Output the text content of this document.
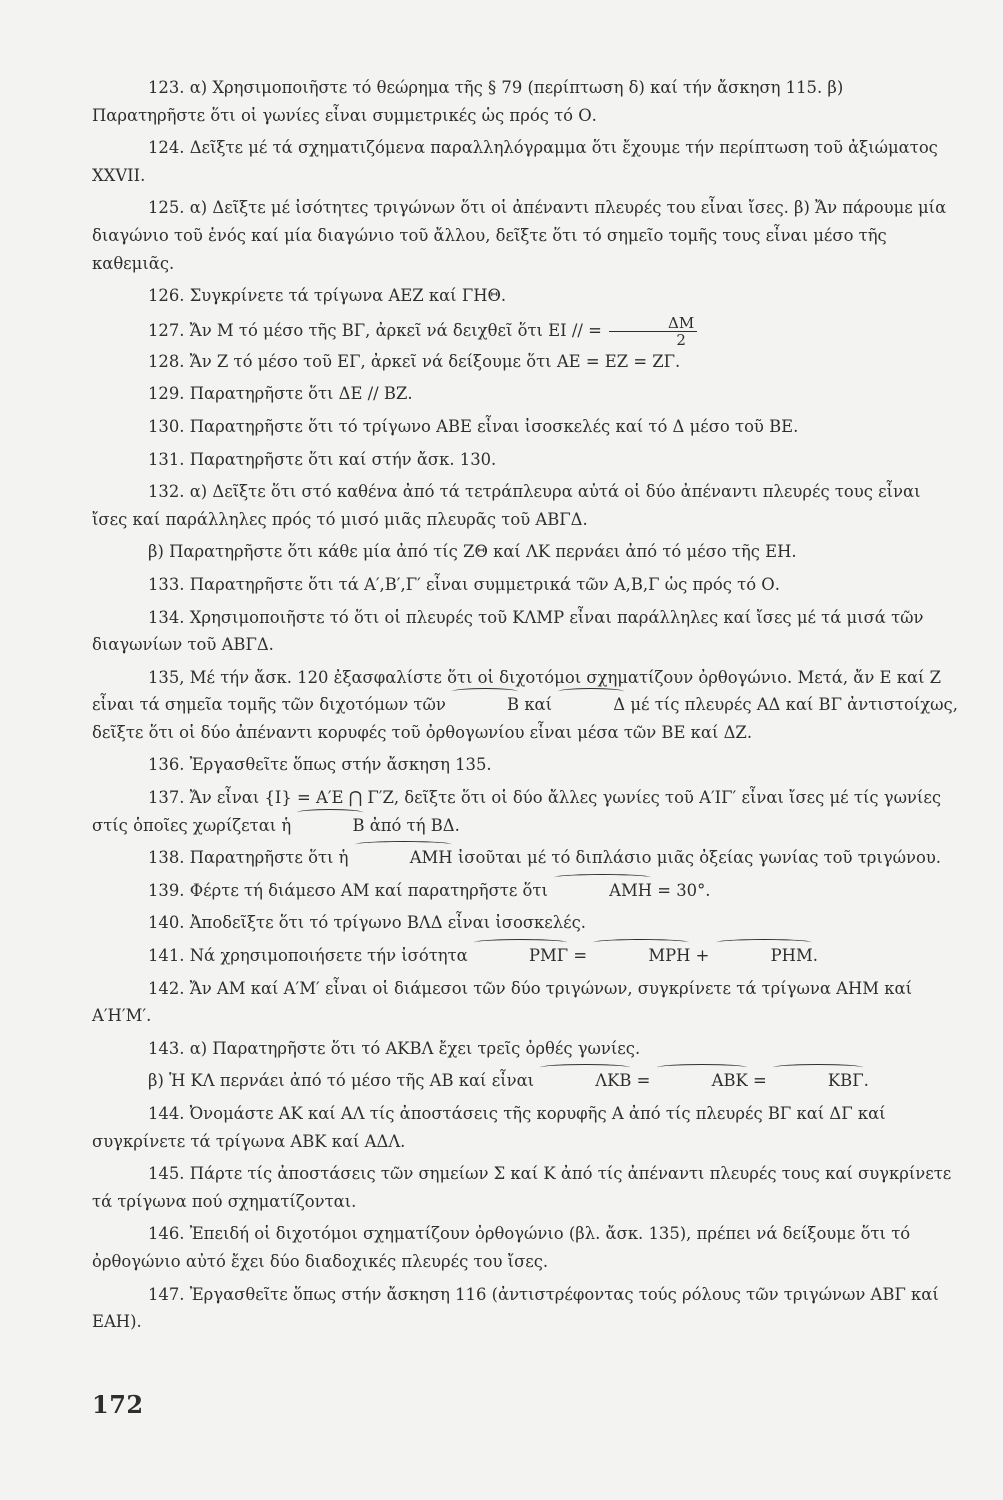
123. α) Χρησιμοποιῆστε τό θεώρημα τῆς § 79 (περίπτωση δ) καί τήν ἄσκηση 115. β) Παρατηρῆστε ὅτι οἱ γωνίες εἶναι συμμετρικές ὡς πρός τό Ο.

124. Δεῖξτε μέ τά σχηματιζόμενα παραλληλόγραμμα ὅτι ἔχουμε τήν περίπτωση τοῦ ἀξιώματος XXVII.

125. α) Δεῖξτε μέ ἰσότητες τριγώνων ὅτι οἱ ἀπέναντι πλευρές του εἶναι ἴσες. β) Ἄν πάρουμε μία διαγώνιο τοῦ ἑνός καί μία διαγώνιο τοῦ ἄλλου, δεῖξτε ὅτι τό σημεῖο τομῆς τους εἶναι μέσο τῆς καθεμιᾶς.

126. Συγκρίνετε τά τρίγωνα ΑΕΖ καί ΓΗΘ.

127. Ἄν Μ τό μέσο τῆς ΒΓ, ἀρκεῖ νά δειχθεῖ ὅτι ΕΙ // = $\frac{\Delta M}{2}$

128. Ἄν Ζ τό μέσο τοῦ ΕΓ, ἀρκεῖ νά δείξουμε ὅτι ΑΕ = ΕΖ = ΖΓ.

129. Παρατηρῆστε ὅτι ΔΕ // ΒΖ.

130. Παρατηρῆστε ὅτι τό τρίγωνο ΑΒΕ εἶναι ἰσοσκελές καί τό Δ μέσο τοῦ ΒΕ.

131. Παρατηρῆστε ὅτι καί στήν ἄσκ. 130.

132. α) Δεῖξτε ὅτι στό καθένα ἀπό τά τετράπλευρα αὐτά οἱ δύο ἀπέναντι πλευρές τους εἶναι ἴσες καί παράλληλες πρός τό μισό μιᾶς πλευρᾶς τοῦ ΑΒΓΔ.

β) Παρατηρῆστε ὅτι κάθε μία ἀπό τίς ΖΘ καί ΛΚ περνάει ἀπό τό μέσο τῆς ΕΗ.

133. Παρατηρῆστε ὅτι τά Α′,Β′,Γ′ εἶναι συμμετρικά τῶν Α,Β,Γ ὡς πρός τό Ο.

134. Χρησιμοποιῆστε τό ὅτι οἱ πλευρές τοῦ ΚΛΜΡ εἶναι παράλληλες καί ἴσες μέ τά μισά τῶν διαγωνίων τοῦ ΑΒΓΔ.

135, Μέ τήν ἄσκ. 120 ἐξασφαλίστε ὅτι οἱ διχοτόμοι σχηματίζουν ὀρθογώνιο. Μετά, ἄν Ε καί Ζ εἶναι τά σημεῖα τομῆς τῶν διχοτόμων τῶν	Β καί	Δ μέ τίς πλευρές ΑΔ καί ΒΓ ἀντιστοίχως, δεῖξτε ὅτι οἱ δύο ἀπέναντι κορυφές τοῦ ὀρθογωνίου εἶναι μέσα τῶν ΒΕ καί ΔΖ.

136. Ἐργασθεῖτε ὅπως στήν ἄσκηση 135.

137. Ἄν εἶναι {Ι} = Α′Ε ⋂ Γ′Ζ, δεῖξτε ὅτι οἱ δύο ἄλλες γωνίες τοῦ Α′ΙΓ′ εἶναι ἴσες μέ τίς γωνίες στίς ὁποῖες χωρίζεται ἡ	Β ἀπό τή ΒΔ.

138. Παρατηρῆστε ὅτι ἡ	ΑΜΗ ἰσοῦται μέ τό διπλάσιο μιᾶς ὀξείας γωνίας τοῦ τριγώνου.

139. Φέρτε τή διάμεσο ΑΜ καί παρατηρῆστε ὅτι	ΑΜΗ = 30°.

140. Ἀποδεῖξτε ὅτι τό τρίγωνο ΒΛΔ εἶναι ἰσοσκελές.

141. Νά χρησιμοποιήσετε τήν ἰσότητα	ΡΜΓ =	ΜΡΗ +	ΡΗΜ.

142. Ἄν ΑΜ καί Α′Μ′ εἶναι οἱ διάμεσοι τῶν δύο τριγώνων, συγκρίνετε τά τρίγωνα ΑΗΜ καί Α′Η′Μ′.

143. α) Παρατηρῆστε ὅτι τό ΑΚΒΛ ἔχει τρεῖς ὀρθές γωνίες.

β) Ἡ ΚΛ περνάει ἀπό τό μέσο τῆς ΑΒ καί εἶναι	ΛΚΒ =	ΑΒΚ =	ΚΒΓ.

144. Ὀνομάστε ΑΚ καί ΑΛ τίς ἀποστάσεις τῆς κορυφῆς Α ἀπό τίς πλευρές ΒΓ καί ΔΓ καί συγκρίνετε τά τρίγωνα ΑΒΚ καί ΑΔΛ.

145. Πάρτε τίς ἀποστάσεις τῶν σημείων Σ καί Κ ἀπό τίς ἀπέναντι πλευρές τους καί συγκρίνετε τά τρίγωνα πού σχηματίζονται.

146. Ἐπειδή οἱ διχοτόμοι σχηματίζουν ὀρθογώνιο (βλ. ἄσκ. 135), πρέπει νά δείξουμε ὅτι τό ὀρθογώνιο αὐτό ἔχει δύο διαδοχικές πλευρές του ἴσες.

147. Ἐργασθεῖτε ὅπως στήν ἄσκηση 116 (ἀντιστρέφοντας τούς ρόλους τῶν τριγώνων ΑΒΓ καί ΕΑΗ).

172
